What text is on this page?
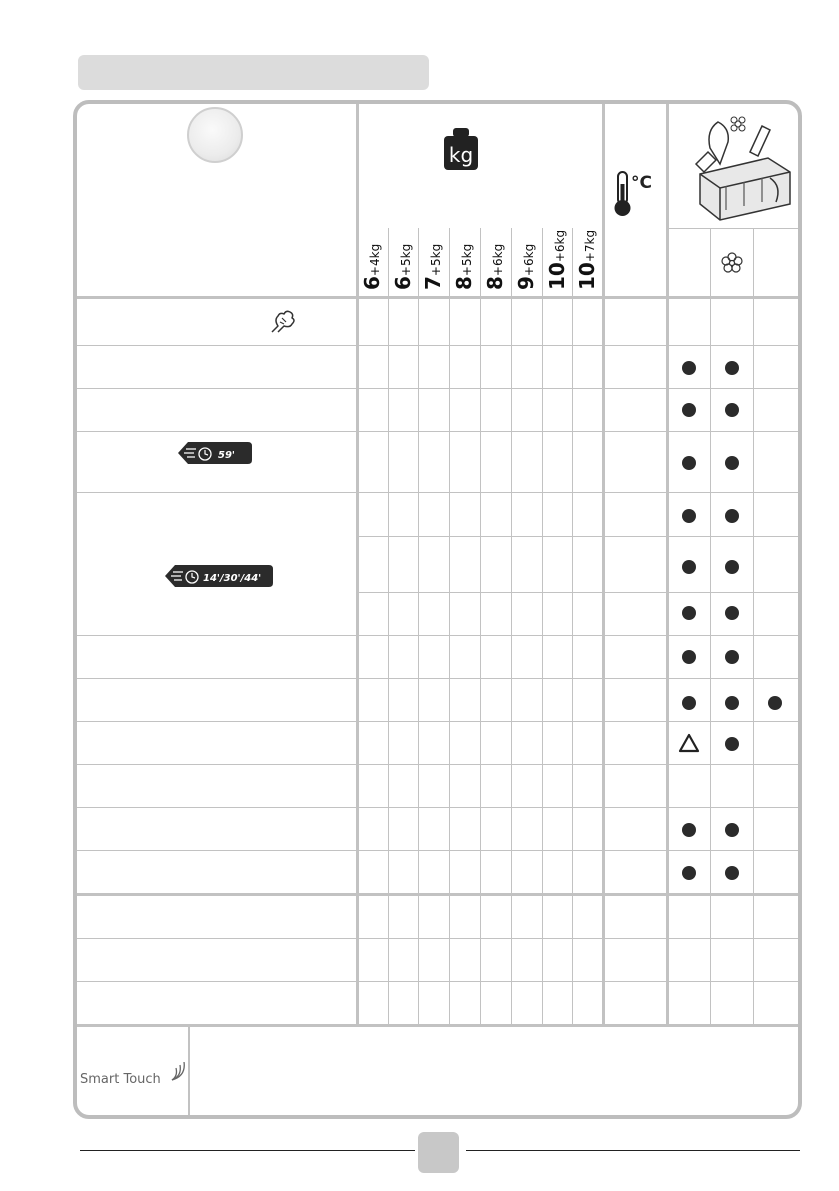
kg
°C
59'
14'/30'/44'
Smart Touch
6+4kg
6+5kg
7+5kg
8+5kg
8+6kg
9+6kg
10+6kg
10+7kg
